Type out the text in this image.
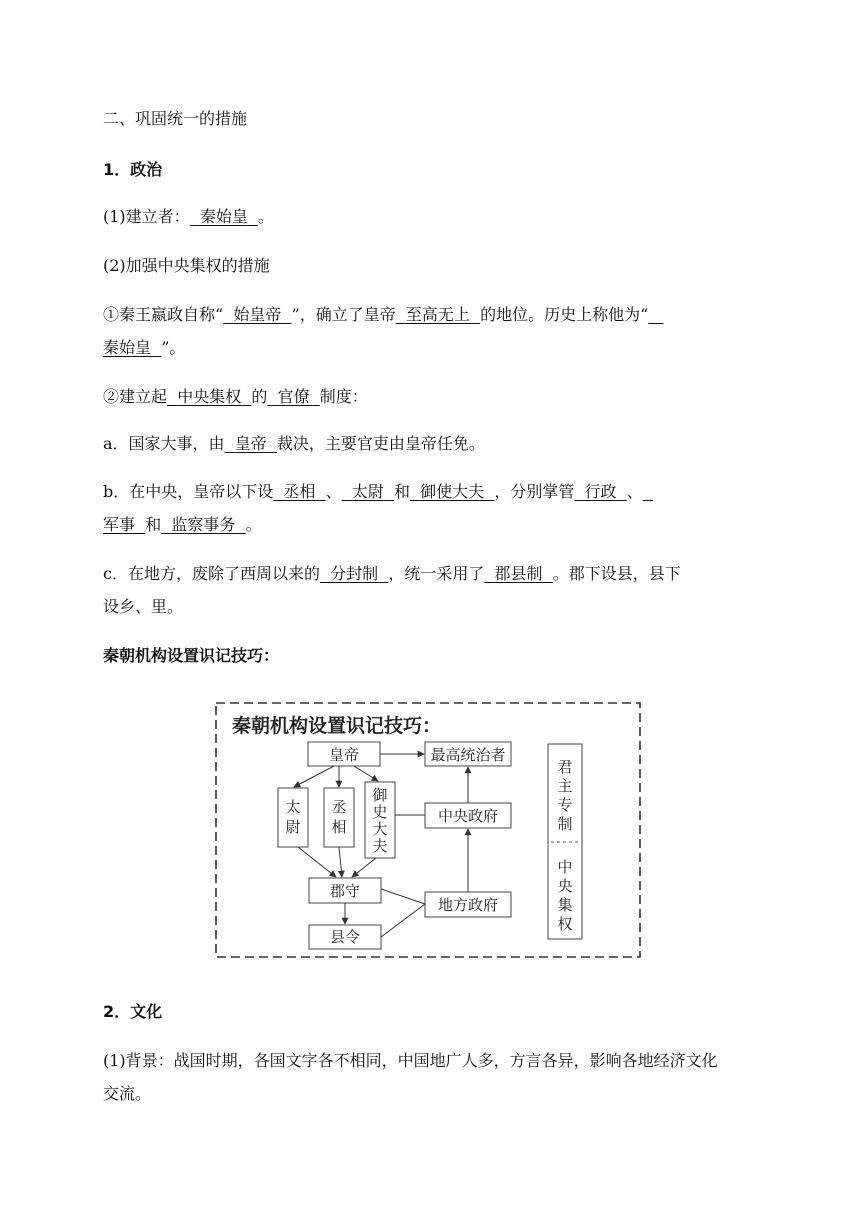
二、巩固统一的措施
1．政治
(1)建立者： 秦始皇 。
(2)加强中央集权的措施
①秦王嬴政自称“ 始皇帝 ”，确立了皇帝 至高无上 的地位。历史上称他为“
秦始皇 ”。
②建立起 中央集权 的 官僚 制度：
a．国家大事，由 皇帝 裁决，主要官吏由皇帝任免。
b．在中央，皇帝以下设 丞相 、 太尉 和 御使大夫 ，分别掌管 行政 、
军事 和 监察事务 。
c．在地方，废除了西周以来的 分封制 ，统一采用了 郡县制 。郡下设县，县下
设乡、里。
秦朝机构设置识记技巧：
秦朝机构设置识记技巧：
皇帝	最高统治者
太
尉
丞
相
御
史
大
夫
中央政府
郡守
地方政府
县令
君
主
专
制
中
央
集
权
2．文化
(1)背景：战国时期，各国文字各不相同，中国地广人多，方言各异，影响各地经济文化
交流。
